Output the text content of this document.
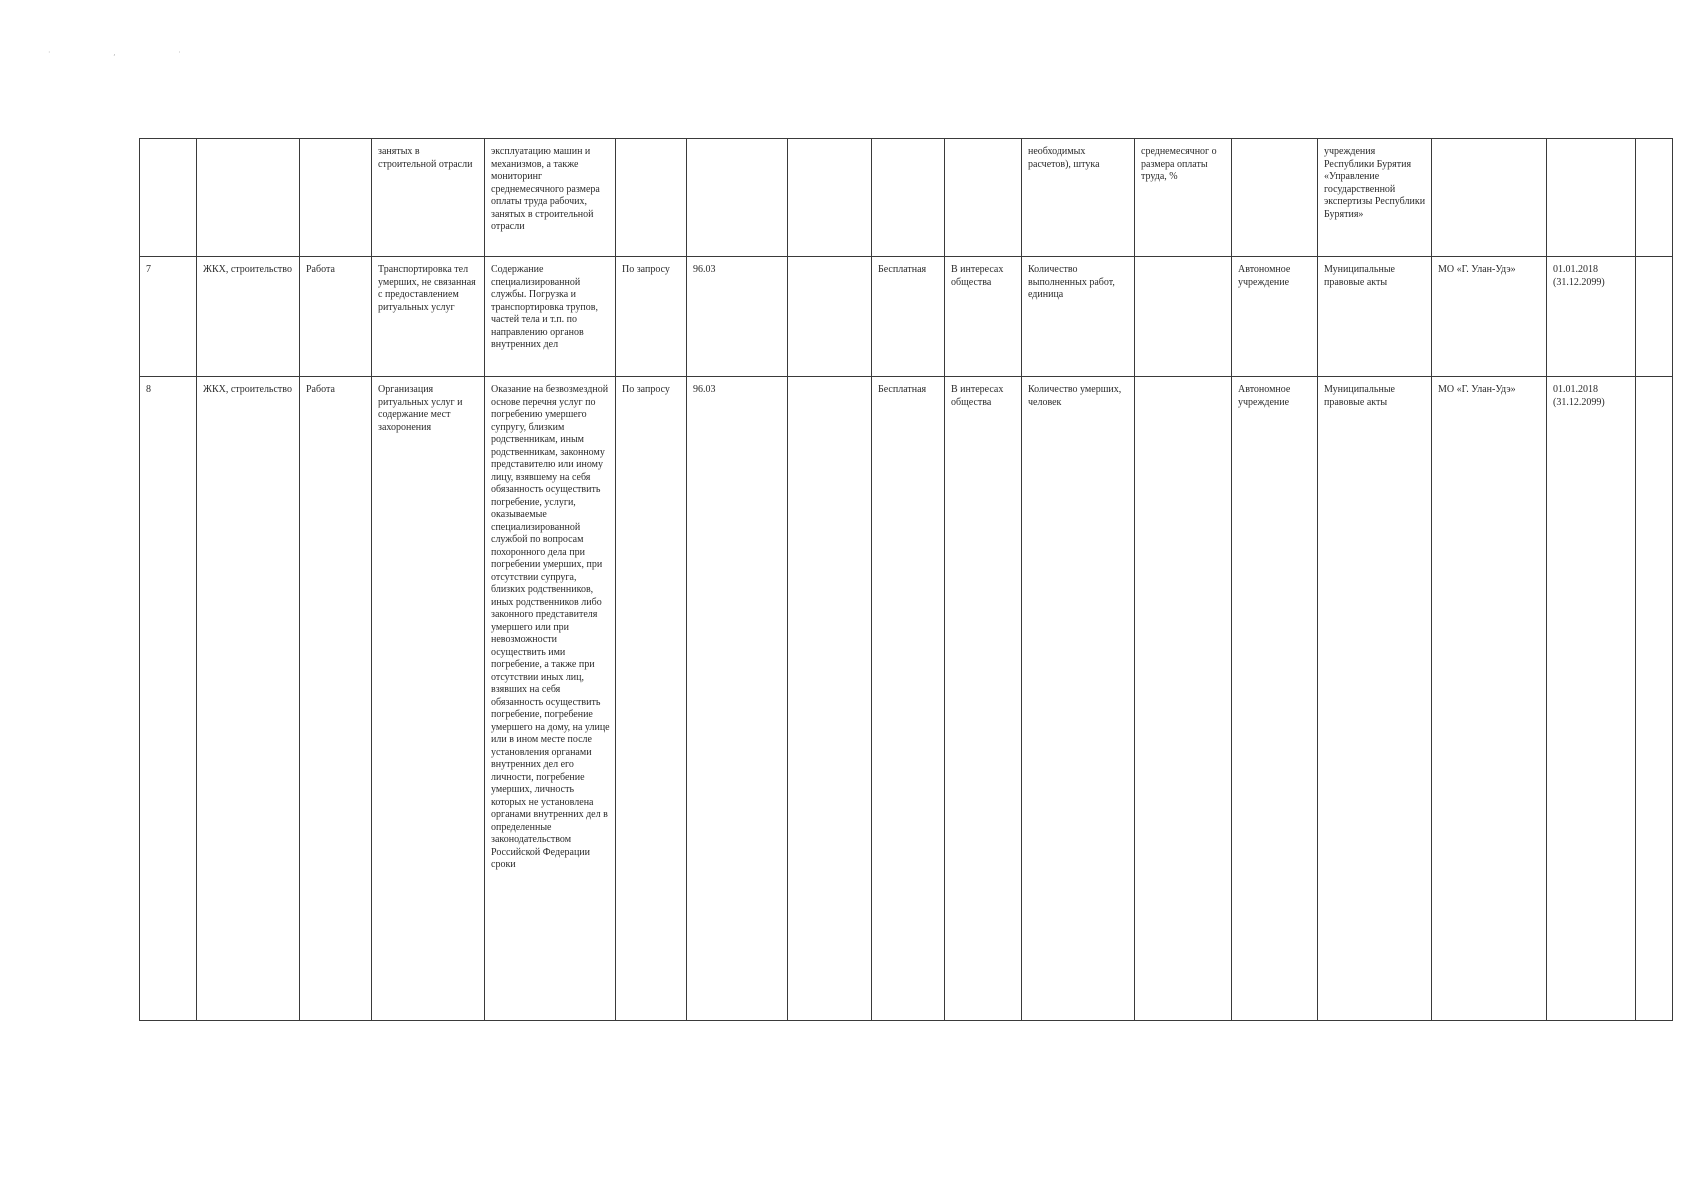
· , ·
			занятых в строительной отрасли	эксплуатацию машин и механизмов, а также мониторинг среднемесячного размера оплаты труда рабочих, занятых в строительной отрасли						необходимых расчетов), штука	среднемесячног о размера оплаты труда, %		учреждения Республики Бурятия «Управление государственной экспертизы Республики Бурятия»			
7	ЖКХ, строительство	Работа	Транспортировка тел умерших, не связанная с предоставлением ритуальных услуг	Содержание специализированной службы. Погрузка и транспортировка трупов, частей тела и т.п. по направлению органов внутренних дел	По запросу	96.03		Бесплатная	В интересах общества	Количество выполненных работ, единица		Автономное учреждение	Муниципальные правовые акты	МО «Г. Улан-Удэ»	01.01.2018 (31.12.2099)	
8	ЖКХ, строительство	Работа	Организация ритуальных услуг и содержание мест захоронения	Оказание на безвозмездной основе перечня услуг по погребению умершего супругу, близким родственникам, иным родственникам, законному представителю или иному лицу, взявшему на себя обязанность осуществить погребение, услуги, оказываемые специализированной службой по вопросам похоронного дела при погребении умерших, при отсутствии супруга, близких родственников, иных родственников либо законного представителя умершего или при невозможности осуществить ими погребение, а также при отсутствии иных лиц, взявших на себя обязанность осуществить погребение, погребение умершего на дому, на улице или в ином месте после установления органами внутренних дел его личности, погребение умерших, личность которых не установлена органами внутренних дел в определенные законодательством Российской Федерации сроки	По запросу	96.03		Бесплатная	В интересах общества	Количество умерших, человек		Автономное учреждение	Муниципальные правовые акты	МО «Г. Улан-Удэ»	01.01.2018 (31.12.2099)	
